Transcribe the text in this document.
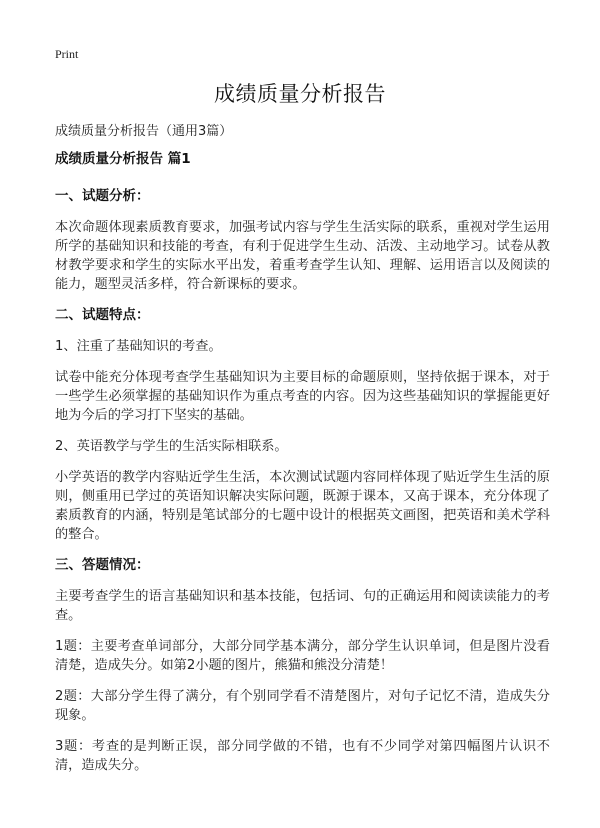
Print
成绩质量分析报告
成绩质量分析报告（通用3篇）
成绩质量分析报告 篇1
一、试题分析：

本次命题体现素质教育要求，加强考试内容与学生生活实际的联系，重视对学生运用所学的基础知识和技能的考查，有利于促进学生生动、活泼、主动地学习。试卷从教材教学要求和学生的实际水平出发，着重考查学生认知、理解、运用语言以及阅读的能力，题型灵活多样，符合新课标的要求。

二、试题特点：

1、注重了基础知识的考查。

试卷中能充分体现考查学生基础知识为主要目标的命题原则，坚持依据于课本，对于一些学生必须掌握的基础知识作为重点考查的内容。因为这些基础知识的掌握能更好地为今后的学习打下坚实的基础。

2、英语教学与学生的生活实际相联系。

小学英语的教学内容贴近学生生活，本次测试试题内容同样体现了贴近学生生活的原则，侧重用已学过的英语知识解决实际问题，既源于课本，又高于课本，充分体现了素质教育的内涵，特别是笔试部分的七题中设计的根据英文画图，把英语和美术学科的整合。

三、答题情况：

主要考查学生的语言基础知识和基本技能，包括词、句的正确运用和阅读读能力的考查。

1题：主要考查单词部分，大部分同学基本满分，部分学生认识单词，但是图片没看清楚，造成失分。如第2小题的图片，熊猫和熊没分清楚！

2题：大部分学生得了满分，有个别同学看不清楚图片，对句子记忆不清，造成失分现象。

3题：考查的是判断正误，部分同学做的不错，也有不少同学对第四幅图片认识不清，造成失分。
